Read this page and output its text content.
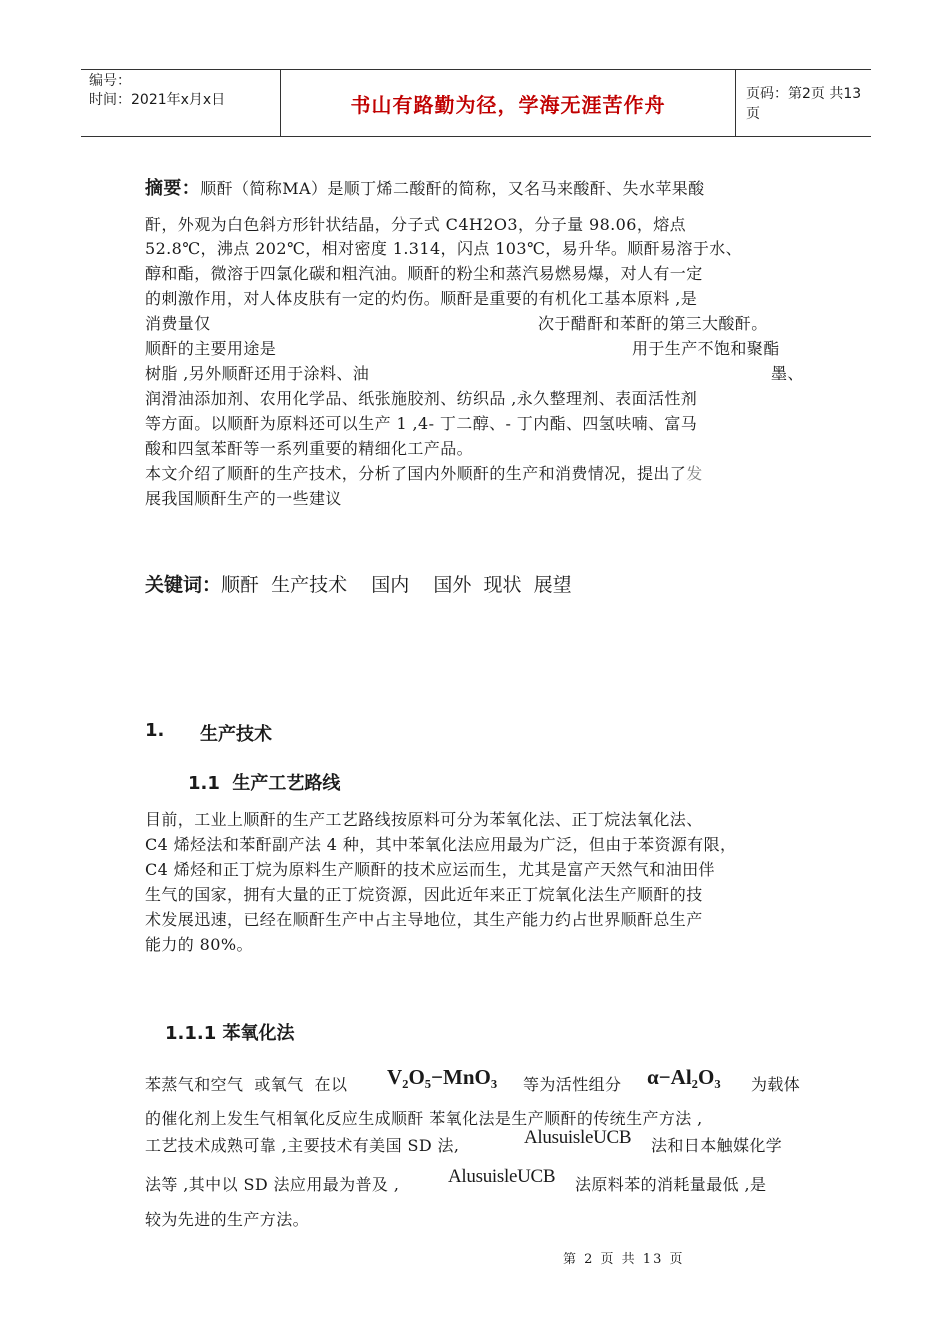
编号：
时间：2021年x月x日	书山有路勤为径，学海无涯苦作舟	页码：第2页 共13页
摘要：顺酐（简称MA）是顺丁烯二酸酐的简称，又名马来酸酐、失水苹果酸
酐，外观为白色斜方形针状结晶，分子式 C4H2O3，分子量 98.06，熔点
52.8℃，沸点 202℃，相对密度 1.314，闪点 103℃，易升华。顺酐易溶于水、
醇和酯，微溶于四氯化碳和粗汽油。顺酐的粉尘和蒸汽易燃易爆，对人有一定
的刺激作用，对人体皮肤有一定的灼伤。顺酐是重要的有机化工基本原料 ,是
消费量仅	次于醋酐和苯酐的第三大酸酐。
顺酐的主要用途是	用于生产不饱和聚酯
树脂 ,另外顺酐还用于涂料、油	墨、
润滑油添加剂、农用化学品、纸张施胶剂、纺织品 ,永久整理剂、表面活性剂
等方面。以顺酐为原料还可以生产 1 ,4- 丁二醇、- 丁内酯、四氢呋喃、富马
酸和四氢苯酐等一系列重要的精细化工产品。
本文介绍了顺酐的生产技术，分析了国内外顺酐的生产和消费情况，提出了发
展我国顺酐生产的一些建议
关键词：顺酐  生产技术    国内    国外  现状  展望
1. 生产技术
1.1  生产工艺路线
目前，工业上顺酐的生产工艺路线按原料可分为苯氧化法、正丁烷法氧化法、
C4 烯烃法和苯酐副产法 4 种，其中苯氧化法应用最为广泛，但由于苯资源有限，
C4 烯烃和正丁烷为原料生产顺酐的技术应运而生，尤其是富产天然气和油田伴
生气的国家，拥有大量的正丁烷资源，因此近年来正丁烷氧化法生产顺酐的技
术发展迅速，已经在顺酐生产中占主导地位，其生产能力约占世界顺酐总生产
能力的 80%。
1.1.1 苯氧化法
苯蒸气和空气  或氧气  在以 V₂O₅−MnO₃ 等为活性组分 α−Al₂O₃ 为载体
的催化剂上发生气相氧化反应生成顺酐 苯氧化法是生产顺酐的传统生产方法 ,
工艺技术成熟可靠 ,主要技术有美国 SD 法,	AlusuisleUCB 法和日本触媒化学
法等 ,其中以 SD 法应用最为普及 ,	AlusuisleUCB 法原料苯的消耗量最低 ,是
较为先进的生产方法。
第 2 页 共 13 页
